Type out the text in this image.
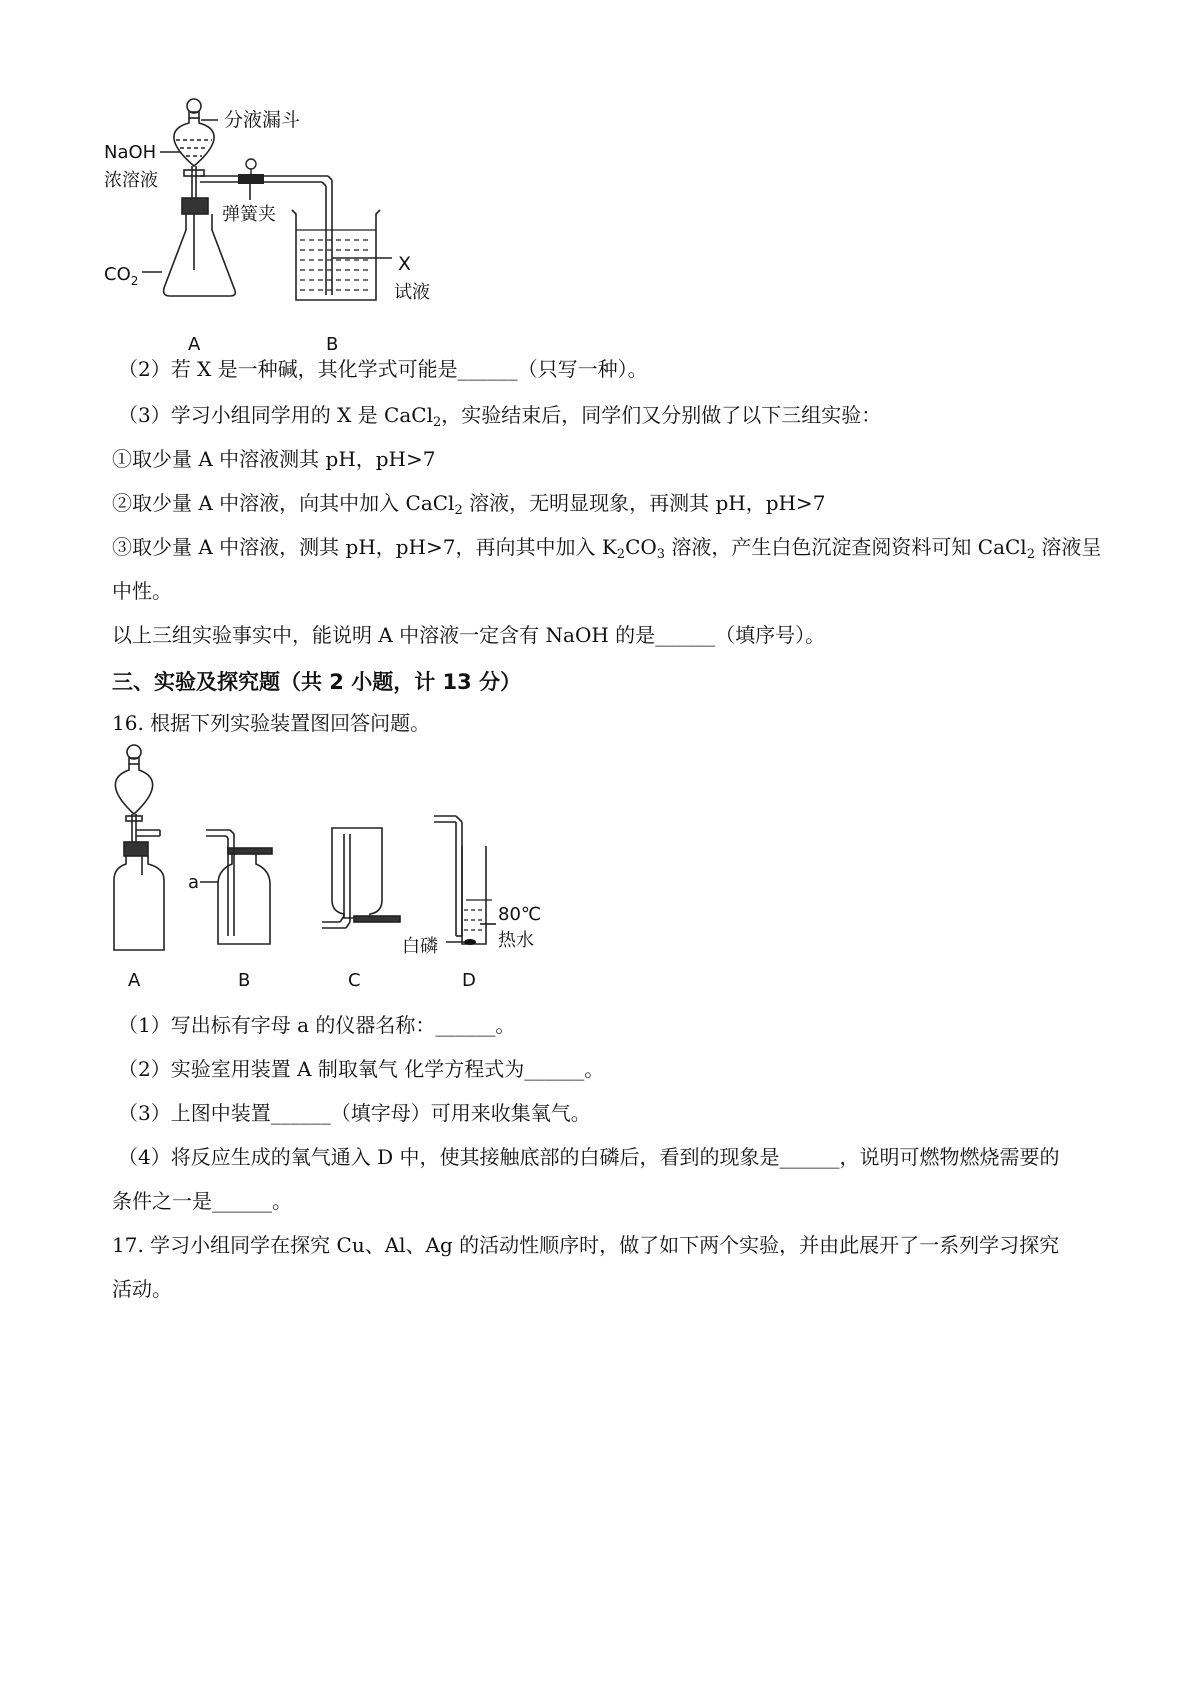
分液漏斗
NaOH
浓溶液
弹簧夹
$CO_2$
X
试液
A	B
（2）若 X 是一种碱，其化学式可能是______（只写一种）。
（3）学习小组同学用的 X 是 CaCl$_2$，实验结束后，同学们又分别做了以下三组实验：
①取少量 A 中溶液测其 pH，pH>7
②取少量 A 中溶液，向其中加入 CaCl$_2$ 溶液，无明显现象，再测其 pH，pH>7
③取少量 A 中溶液，测其 pH，pH>7，再向其中加入 $K_2CO_3$ 溶液，产生白色沉淀查阅资料可知 CaCl$_2$ 溶液呈
中性。
以上三组实验事实中，能说明 A 中溶液一定含有 NaOH 的是______（填序号）。
三、实验及探究题（共 2 小题，计 13 分）
16. 根据下列实验装置图回答问题。
a
80℃
热水
白磷
A	B	C	D
（1）写出标有字母 a 的仪器名称：______。
（2）实验室用装置 A 制取氧气 化学方程式为______。
（3）上图中装置______（填字母）可用来收集氧气。
（4）将反应生成的氧气通入 D 中，使其接触底部的白磷后，看到的现象是______，说明可燃物燃烧需要的
条件之一是______。
17. 学习小组同学在探究 Cu、Al、Ag 的活动性顺序时，做了如下两个实验，并由此展开了一系列学习探究
活动。
